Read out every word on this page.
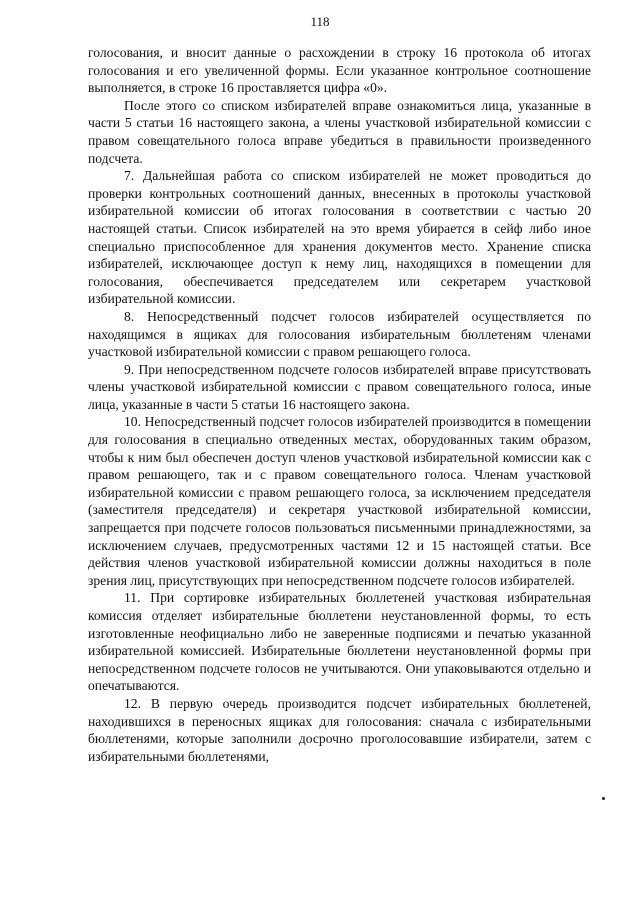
118

голосования, и вносит данные о расхождении в строку 16 протокола об итогах голосования и его увеличенной формы. Если указанное контрольное соотношение выполняется, в строке 16 проставляется цифра «0».

После этого со списком избирателей вправе ознакомиться лица, указанные в части 5 статьи 16 настоящего закона, а члены участковой избирательной комиссии с правом совещательного голоса вправе убедиться в правильности произведенного подсчета.

7. Дальнейшая работа со списком избирателей не может проводиться до проверки контрольных соотношений данных, внесенных в протоколы участковой избирательной комиссии об итогах голосования в соответствии с частью 20 настоящей статьи. Список избирателей на это время убирается в сейф либо иное специально приспособленное для хранения документов место. Хранение списка избирателей, исключающее доступ к нему лиц, находящихся в помещении для голосования, обеспечивается председателем или секретарем участковой избирательной комиссии.

8. Непосредственный подсчет голосов избирателей осуществляется по находящимся в ящиках для голосования избирательным бюллетеням членами участковой избирательной комиссии с правом решающего голоса.

9. При непосредственном подсчете голосов избирателей вправе присутствовать члены участковой избирательной комиссии с правом совещательного голоса, иные лица, указанные в части 5 статьи 16 настоящего закона.

10. Непосредственный подсчет голосов избирателей производится в помещении для голосования в специально отведенных местах, оборудованных таким образом, чтобы к ним был обеспечен доступ членов участковой избирательной комиссии как с правом решающего, так и с правом совещательного голоса. Членам участковой избирательной комиссии с правом решающего голоса, за исключением председателя (заместителя председателя) и секретаря участковой избирательной комиссии, запрещается при подсчете голосов пользоваться письменными принадлежностями, за исключением случаев, предусмотренных частями 12 и 15 настоящей статьи. Все действия членов участковой избирательной комиссии должны находиться в поле зрения лиц, присутствующих при непосредственном подсчете голосов избирателей.

11. При сортировке избирательных бюллетеней участковая избирательная комиссия отделяет избирательные бюллетени неустановленной формы, то есть изготовленные неофициально либо не заверенные подписями и печатью указанной избирательной комиссией. Избирательные бюллетени неустановленной формы при непосредственном подсчете голосов не учитываются. Они упаковываются отдельно и опечатываются.

12. В первую очередь производится подсчет избирательных бюллетеней, находившихся в переносных ящиках для голосования: сначала с избирательными бюллетенями, которые заполнили досрочно проголосовавшие избиратели, затем с избирательными бюллетенями,
